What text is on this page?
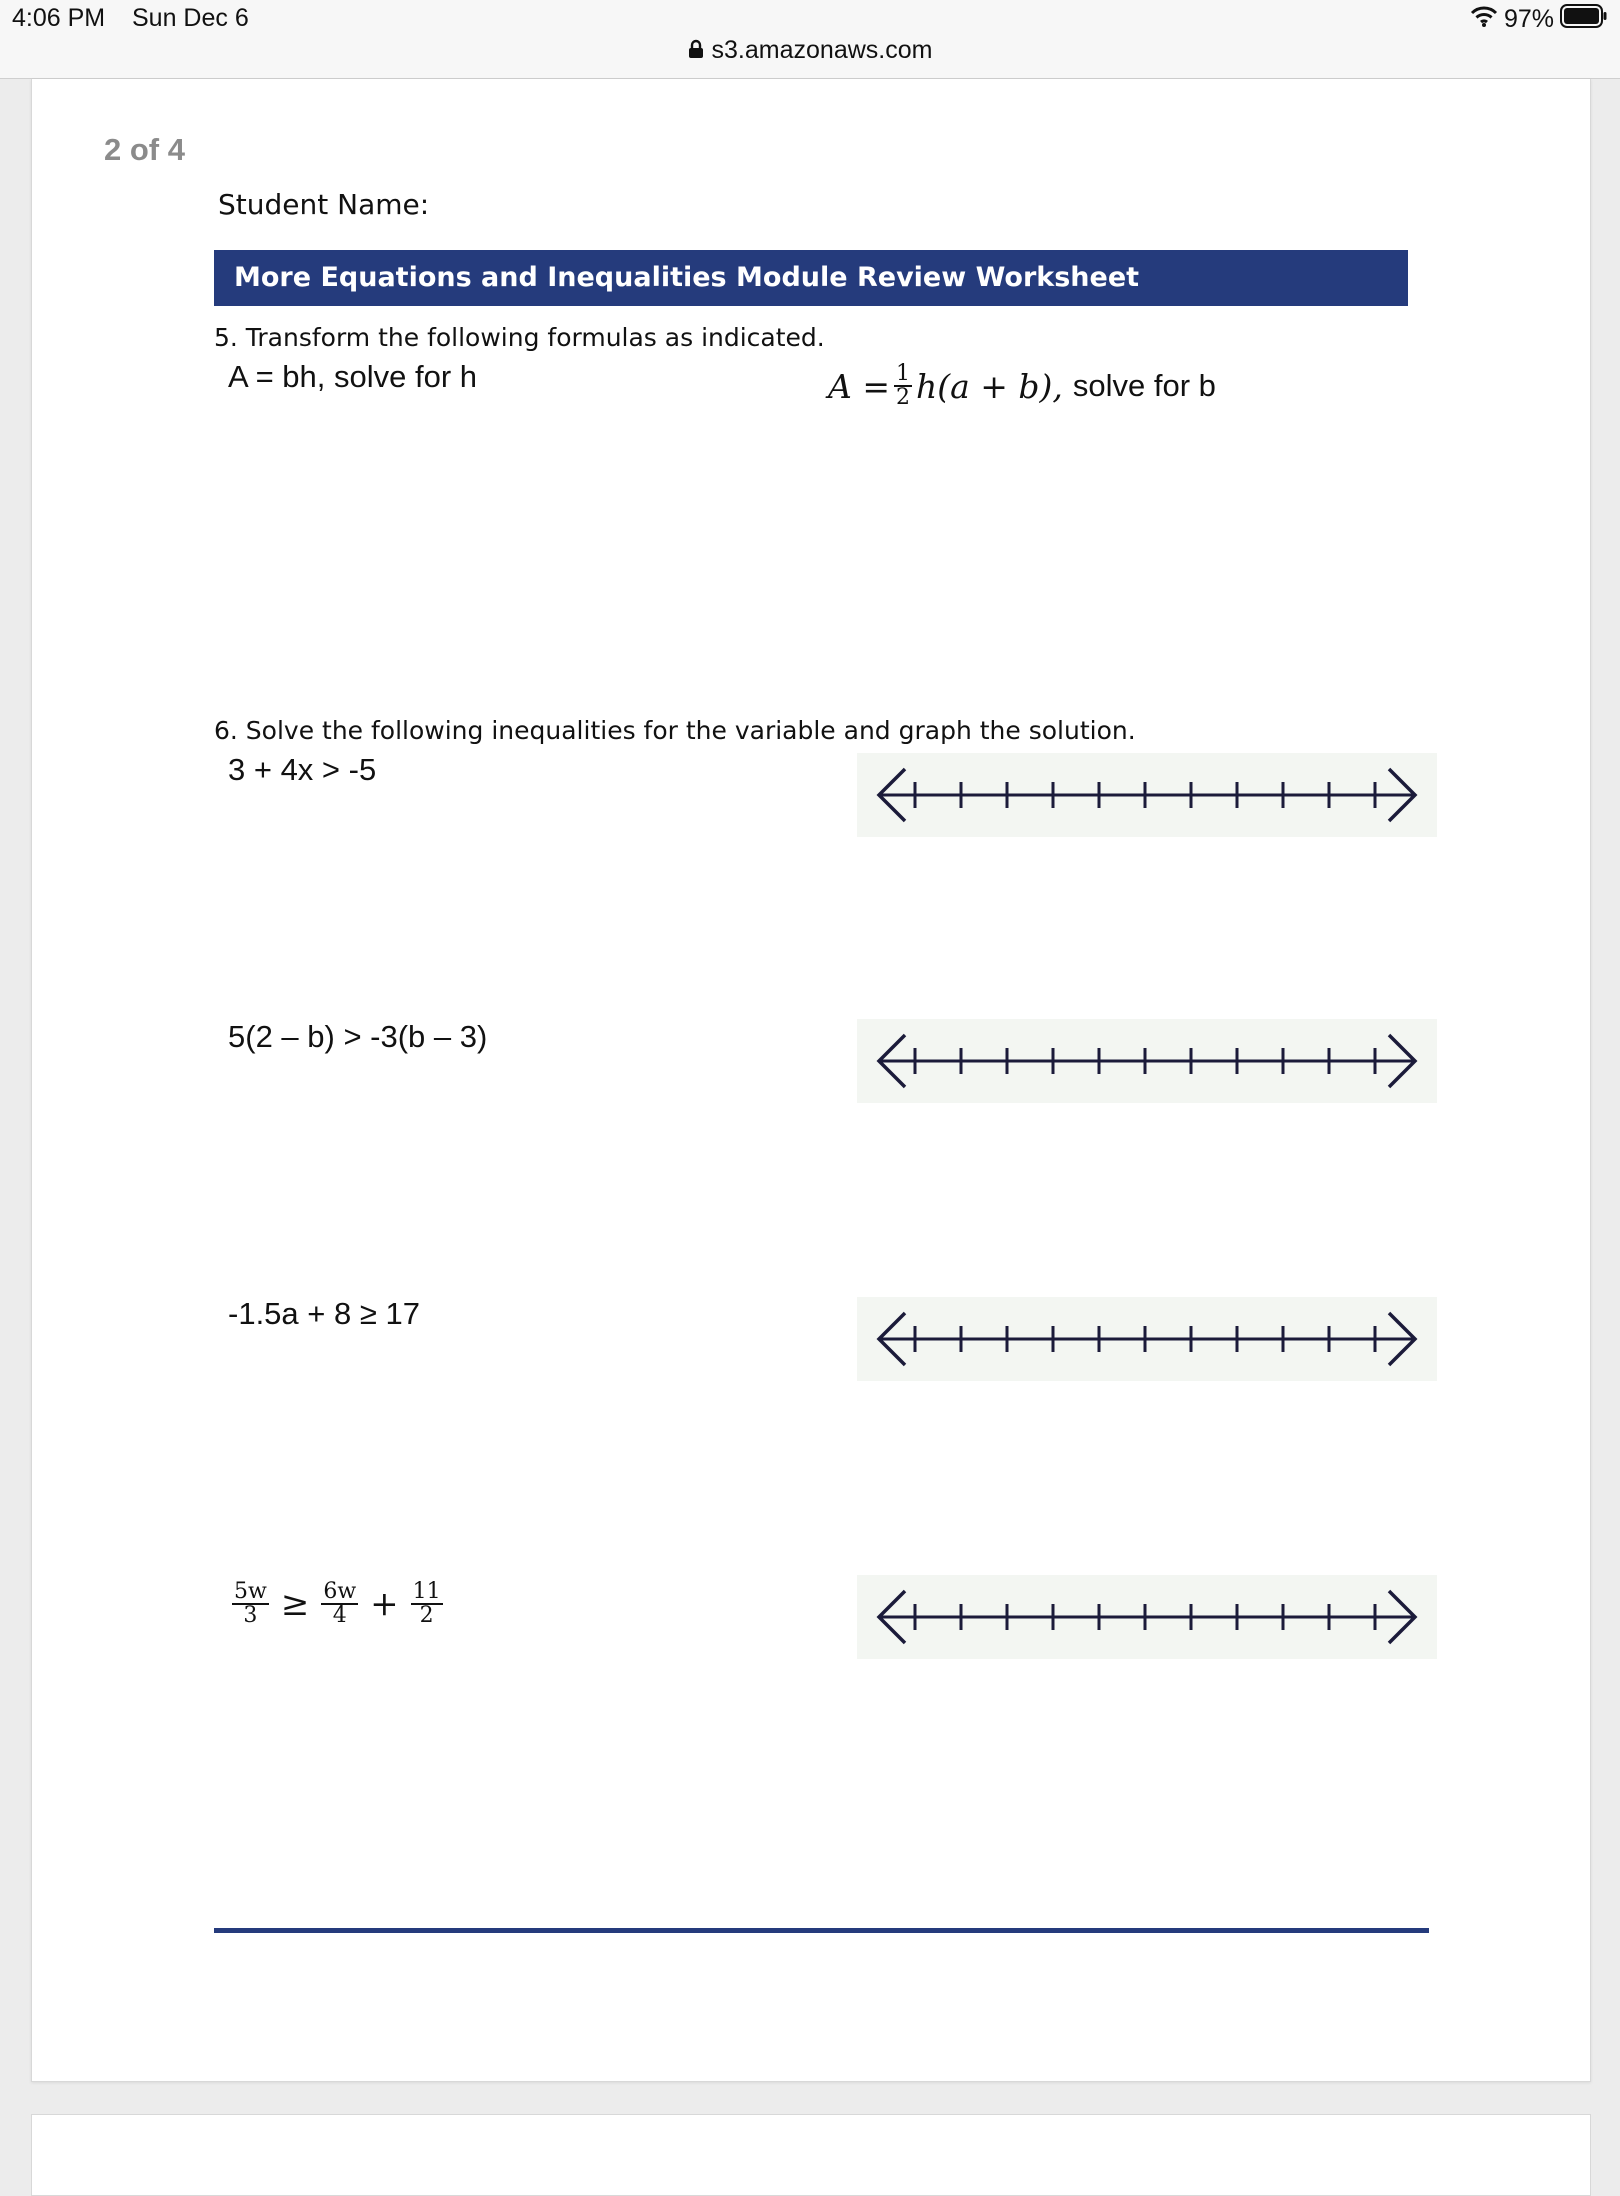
4:06 PM Sun Dec 6	97%
s3.amazonaws.com
2 of 4
Student Name:
More Equations and Inequalities Module Review Worksheet
5. Transform the following formulas as indicated.
A = bh, solve for h	$A = \frac{1}{2} h(a + b)$, solve for b
6. Solve the following inequalities for the variable and graph the solution.
3 + 4x > -5
5(2 – b) > -3(b – 3)
-1.5a + 8 ≥ 17
$\frac{5w}{3} \ge \frac{6w}{4} + \frac{11}{2}$
